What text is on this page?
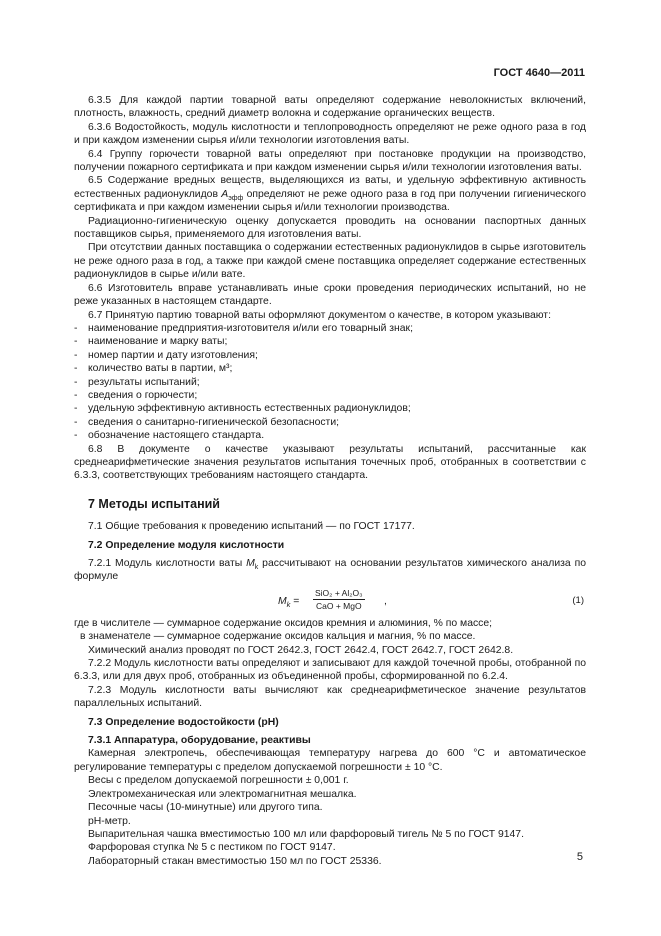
ГОСТ 4640—2011

6.3.5 Для каждой партии товарной ваты определяют содержание неволокнистых включений, плотность, влажность, средний диаметр волокна и содержание органических веществ.

6.3.6 Водостойкость, модуль кислотности и теплопроводность определяют не реже одного раза в год и при каждом изменении сырья и/или технологии изготовления ваты.

6.4 Группу горючести товарной ваты определяют при постановке продукции на производство, получении пожарного сертификата и при каждом изменении сырья и/или технологии изготовления ваты.

6.5 Содержание вредных веществ, выделяющихся из ваты, и удельную эффективную активность естественных радионуклидов $А_{эфф}$ определяют не реже одного раза в год при получении гигиенического сертификата и при каждом изменении сырья и/или технологии производства.

Радиационно-гигиеническую оценку допускается проводить на основании паспортных данных поставщиков сырья, применяемого для изготовления ваты.

При отсутствии данных поставщика о содержании естественных радионуклидов в сырье изготовитель не реже одного раза в год, а также при каждой смене поставщика определяет содержание естественных радионуклидов в сырье и/или вате.

6.6 Изготовитель вправе устанавливать иные сроки проведения периодических испытаний, но не реже указанных в настоящем стандарте.

6.7 Принятую партию товарной ваты оформляют документом о качестве, в котором указывают:

- наименование предприятия-изготовителя и/или его товарный знак;

- наименование и марку ваты;

- номер партии и дату изготовления;

- количество ваты в партии, м³;

- результаты испытаний;

- сведения о горючести;

- удельную эффективную активность естественных радионуклидов;

- сведения о санитарно-гигиенической безопасности;

- обозначение настоящего стандарта.

6.8 В документе о качестве указывают результаты испытаний, рассчитанные как среднеарифметические значения результатов испытания точечных проб, отобранных в соответствии с 6.3.3, соответствующих требованиям настоящего стандарта.

7 Методы испытаний

7.1 Общие требования к проведению испытаний — по ГОСТ 17177.

7.2 Определение модуля кислотности

7.2.1 Модуль кислотности ваты $М_k$ рассчитывают на основании результатов химического анализа по формуле

$M_k$ =
SiO₂ + Al₂O₃
CaO + MgO ,	(1)

где в числителе — суммарное содержание оксидов кремния и алюминия, % по массе;

в знаменателе — суммарное содержание оксидов кальция и магния, % по массе.

Химический анализ проводят по ГОСТ 2642.3, ГОСТ 2642.4, ГОСТ 2642.7, ГОСТ 2642.8.

7.2.2 Модуль кислотности ваты определяют и записывают для каждой точечной пробы, отобранной по 6.3.3, или для двух проб, отобранных из объединенной пробы, сформированной по 6.2.4.

7.2.3 Модуль кислотности ваты вычисляют как среднеарифметическое значение результатов параллельных испытаний.

7.3 Определение водостойкости (рН)

7.3.1 Аппаратура, оборудование, реактивы

Камерная электропечь, обеспечивающая температуру нагрева до 600 °С и автоматическое регулирование температуры с пределом допускаемой погрешности ± 10 °С.

Весы с пределом допускаемой погрешности ± 0,001 г.

Электромеханическая или электромагнитная мешалка.

Песочные часы (10-минутные) или другого типа.

рН-метр.

Выпарительная чашка вместимостью 100 мл или фарфоровый тигель № 5 по ГОСТ 9147.

Фарфоровая ступка № 5 с пестиком по ГОСТ 9147.

Лабораторный стакан вместимостью 150 мл по ГОСТ 25336.	5
